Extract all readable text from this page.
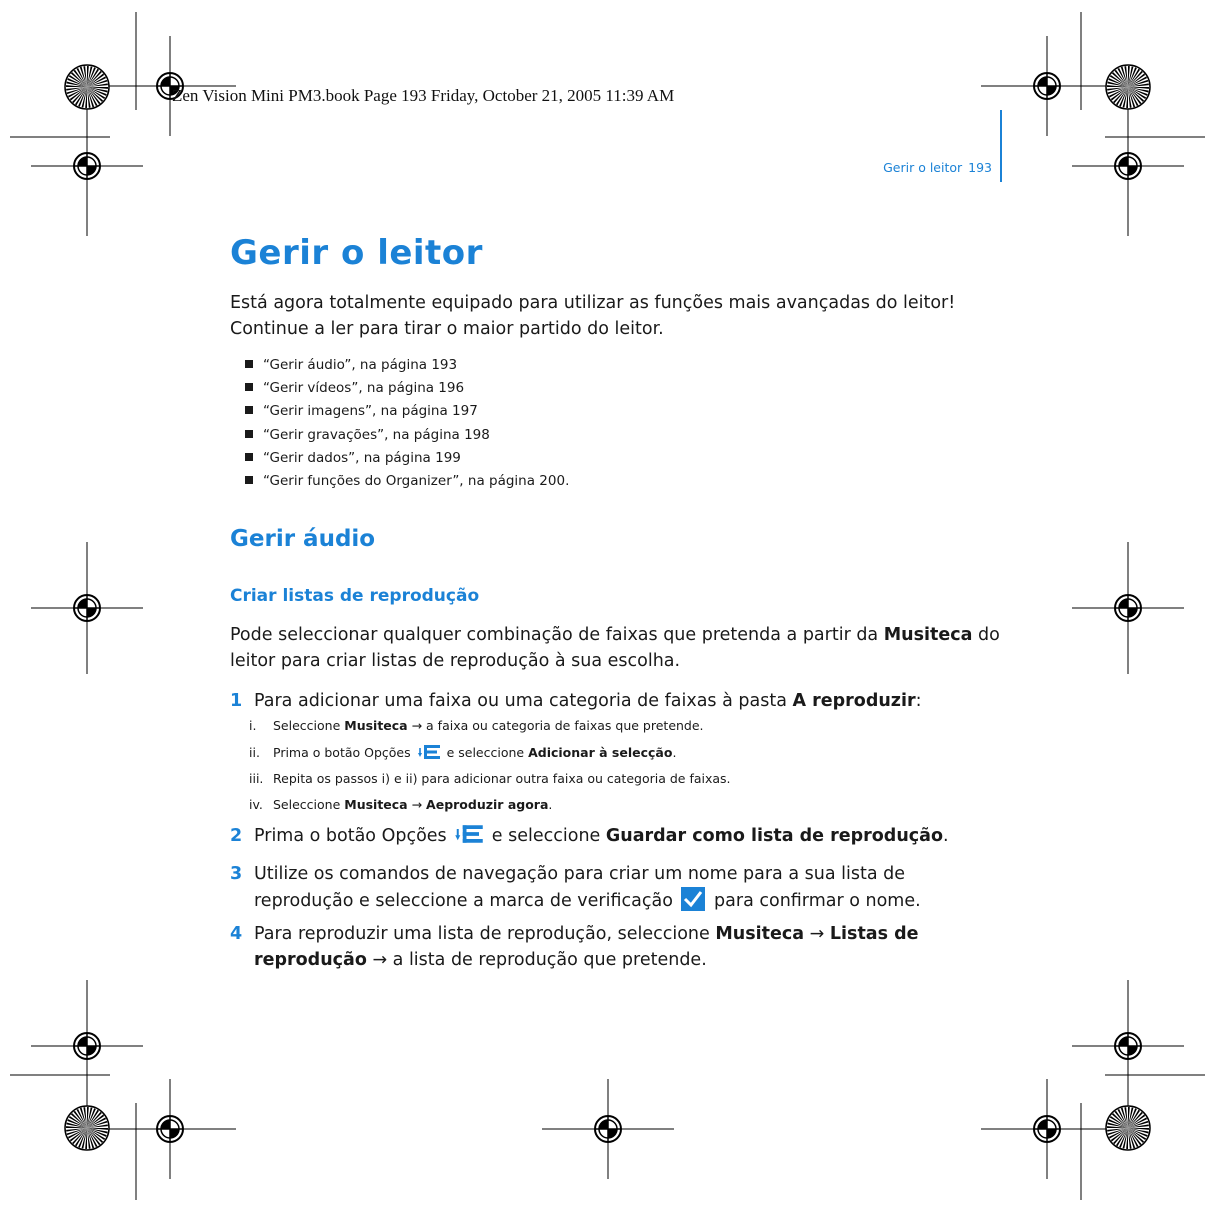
Zen Vision Mini PM3.book Page 193 Friday, October 21, 2005 11:39 AM
Gerir o leitor 193
Gerir o leitor

Está agora totalmente equipado para utilizar as funções mais avançadas do leitor! Continue a ler para tirar o maior partido do leitor.

“Gerir áudio”, na página 193
“Gerir vídeos”, na página 196
“Gerir imagens”, na página 197
“Gerir gravações”, na página 198
“Gerir dados”, na página 199
“Gerir funções do Organizer”, na página 200.
Gerir áudio
Criar listas de reprodução

Pode seleccionar qualquer combinação de faixas que pretenda a partir da Musiteca do leitor para criar listas de reprodução à sua escolha.

1 Para adicionar uma faixa ou uma categoria de faixas à pasta A reproduzir:
i. Seleccione Musiteca → a faixa ou categoria de faixas que pretende.
ii. Prima o botão Opções  e seleccione Adicionar à selecção.
iii. Repita os passos i) e ii) para adicionar outra faixa ou categoria de faixas.
iv. Seleccione Musiteca → Aeproduzir agora.
2 Prima o botão Opções  e seleccione Guardar como lista de reprodução.
3 Utilize os comandos de navegação para criar um nome para a sua lista de
reprodução e seleccione a marca de verificação  para confirmar o nome.
4 Para reproduzir uma lista de reprodução, seleccione Musiteca → Listas de
reprodução → a lista de reprodução que pretende.
